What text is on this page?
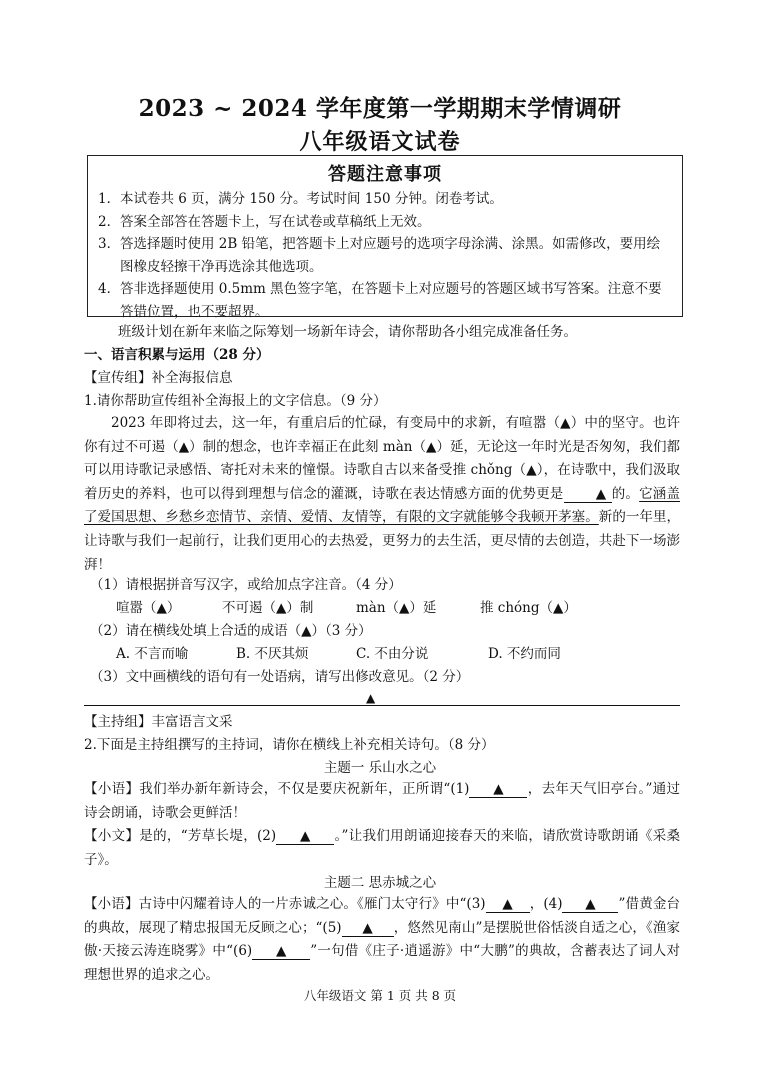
2023 ~ 2024 学年度第一学期期末学情调研
八年级语文试卷
答题注意事项
1． 本试卷共 6 页，满分 150 分。考试时间 150 分钟。闭卷考试。
2． 答案全部答在答题卡上，写在试卷或草稿纸上无效。
3． 答选择题时使用 2B 铅笔，把答题卡上对应题号的选项字母涂满、涂黑。如需修改，要用绘图橡皮轻擦干净再选涂其他选项。
4． 答非选择题使用 0.5mm 黑色签字笔，在答题卡上对应题号的答题区域书写答案。注意不要答错位置，也不要超界。
班级计划在新年来临之际筹划一场新年诗会，请你帮助各小组完成准备任务。
一、语言积累与运用（28 分）
【宣传组】补全海报信息
1.请你帮助宣传组补全海报上的文字信息。（9 分）
2023 年即将过去，这一年，有重启后的忙碌，有变局中的求新，有喧嚣（▲）中的坚守。也许你有过不可遏（▲）制的想念，也许幸福正在此刻 màn（▲）延，无论这一年时光是否匆匆，我们都可以用诗歌记录感悟、寄托对未来的憧憬。诗歌自古以来备受推 chǒng（▲），在诗歌中，我们汲取着历史的养料，也可以得到理想与信念的灌溉，诗歌在表达情感方面的优势更是 ▲ 的。它涵盖了爱国思想、乡愁乡恋情节、亲情、爱情、友情等，有限的文字就能够令我顿开茅塞。新的一年里，让诗歌与我们一起前行，让我们更用心的去热爱，更努力的去生活，更尽情的去创造，共赴下一场澎湃！
（1）请根据拼音写汉字，或给加点字注音。（4 分）
喧嚣（▲）	不可遏（▲）制	màn（▲）延	推 chóng（▲）
（2）请在横线处填上合适的成语（▲）（3 分）
A. 不言而喻	B. 不厌其烦	C. 不由分说	D. 不约而同
（3）文中画横线的语句有一处语病，请写出修改意见。（2 分）
▲
【主持组】丰富语言文采
2.下面是主持组撰写的主持词，请你在横线上补充相关诗句。（8 分）
主题一 乐山水之心
【小语】我们举办新年新诗会，不仅是要庆祝新年，正所谓“(1) ▲ ，去年天气旧亭台。”通过诗会朗诵，诗歌会更鲜活！
【小文】是的，“芳草长堤，(2) ▲ 。”让我们用朗诵迎接春天的来临，请欣赏诗歌朗诵《采桑子》。
主题二 思赤城之心
【小语】古诗中闪耀着诗人的一片赤诚之心。《雁门太守行》中“(3) ▲ ，(4) ▲ ”借黄金台的典故，展现了精忠报国无反顾之心；“(5) ▲ ，悠然见南山”是摆脱世俗恬淡自适之心，《渔家傲·天接云涛连晓雾》中“(6) ▲ ”一句借《庄子·逍遥游》中“大鹏”的典故，含蓄表达了词人对理想世界的追求之心。
八年级语文 第 1 页 共 8 页
